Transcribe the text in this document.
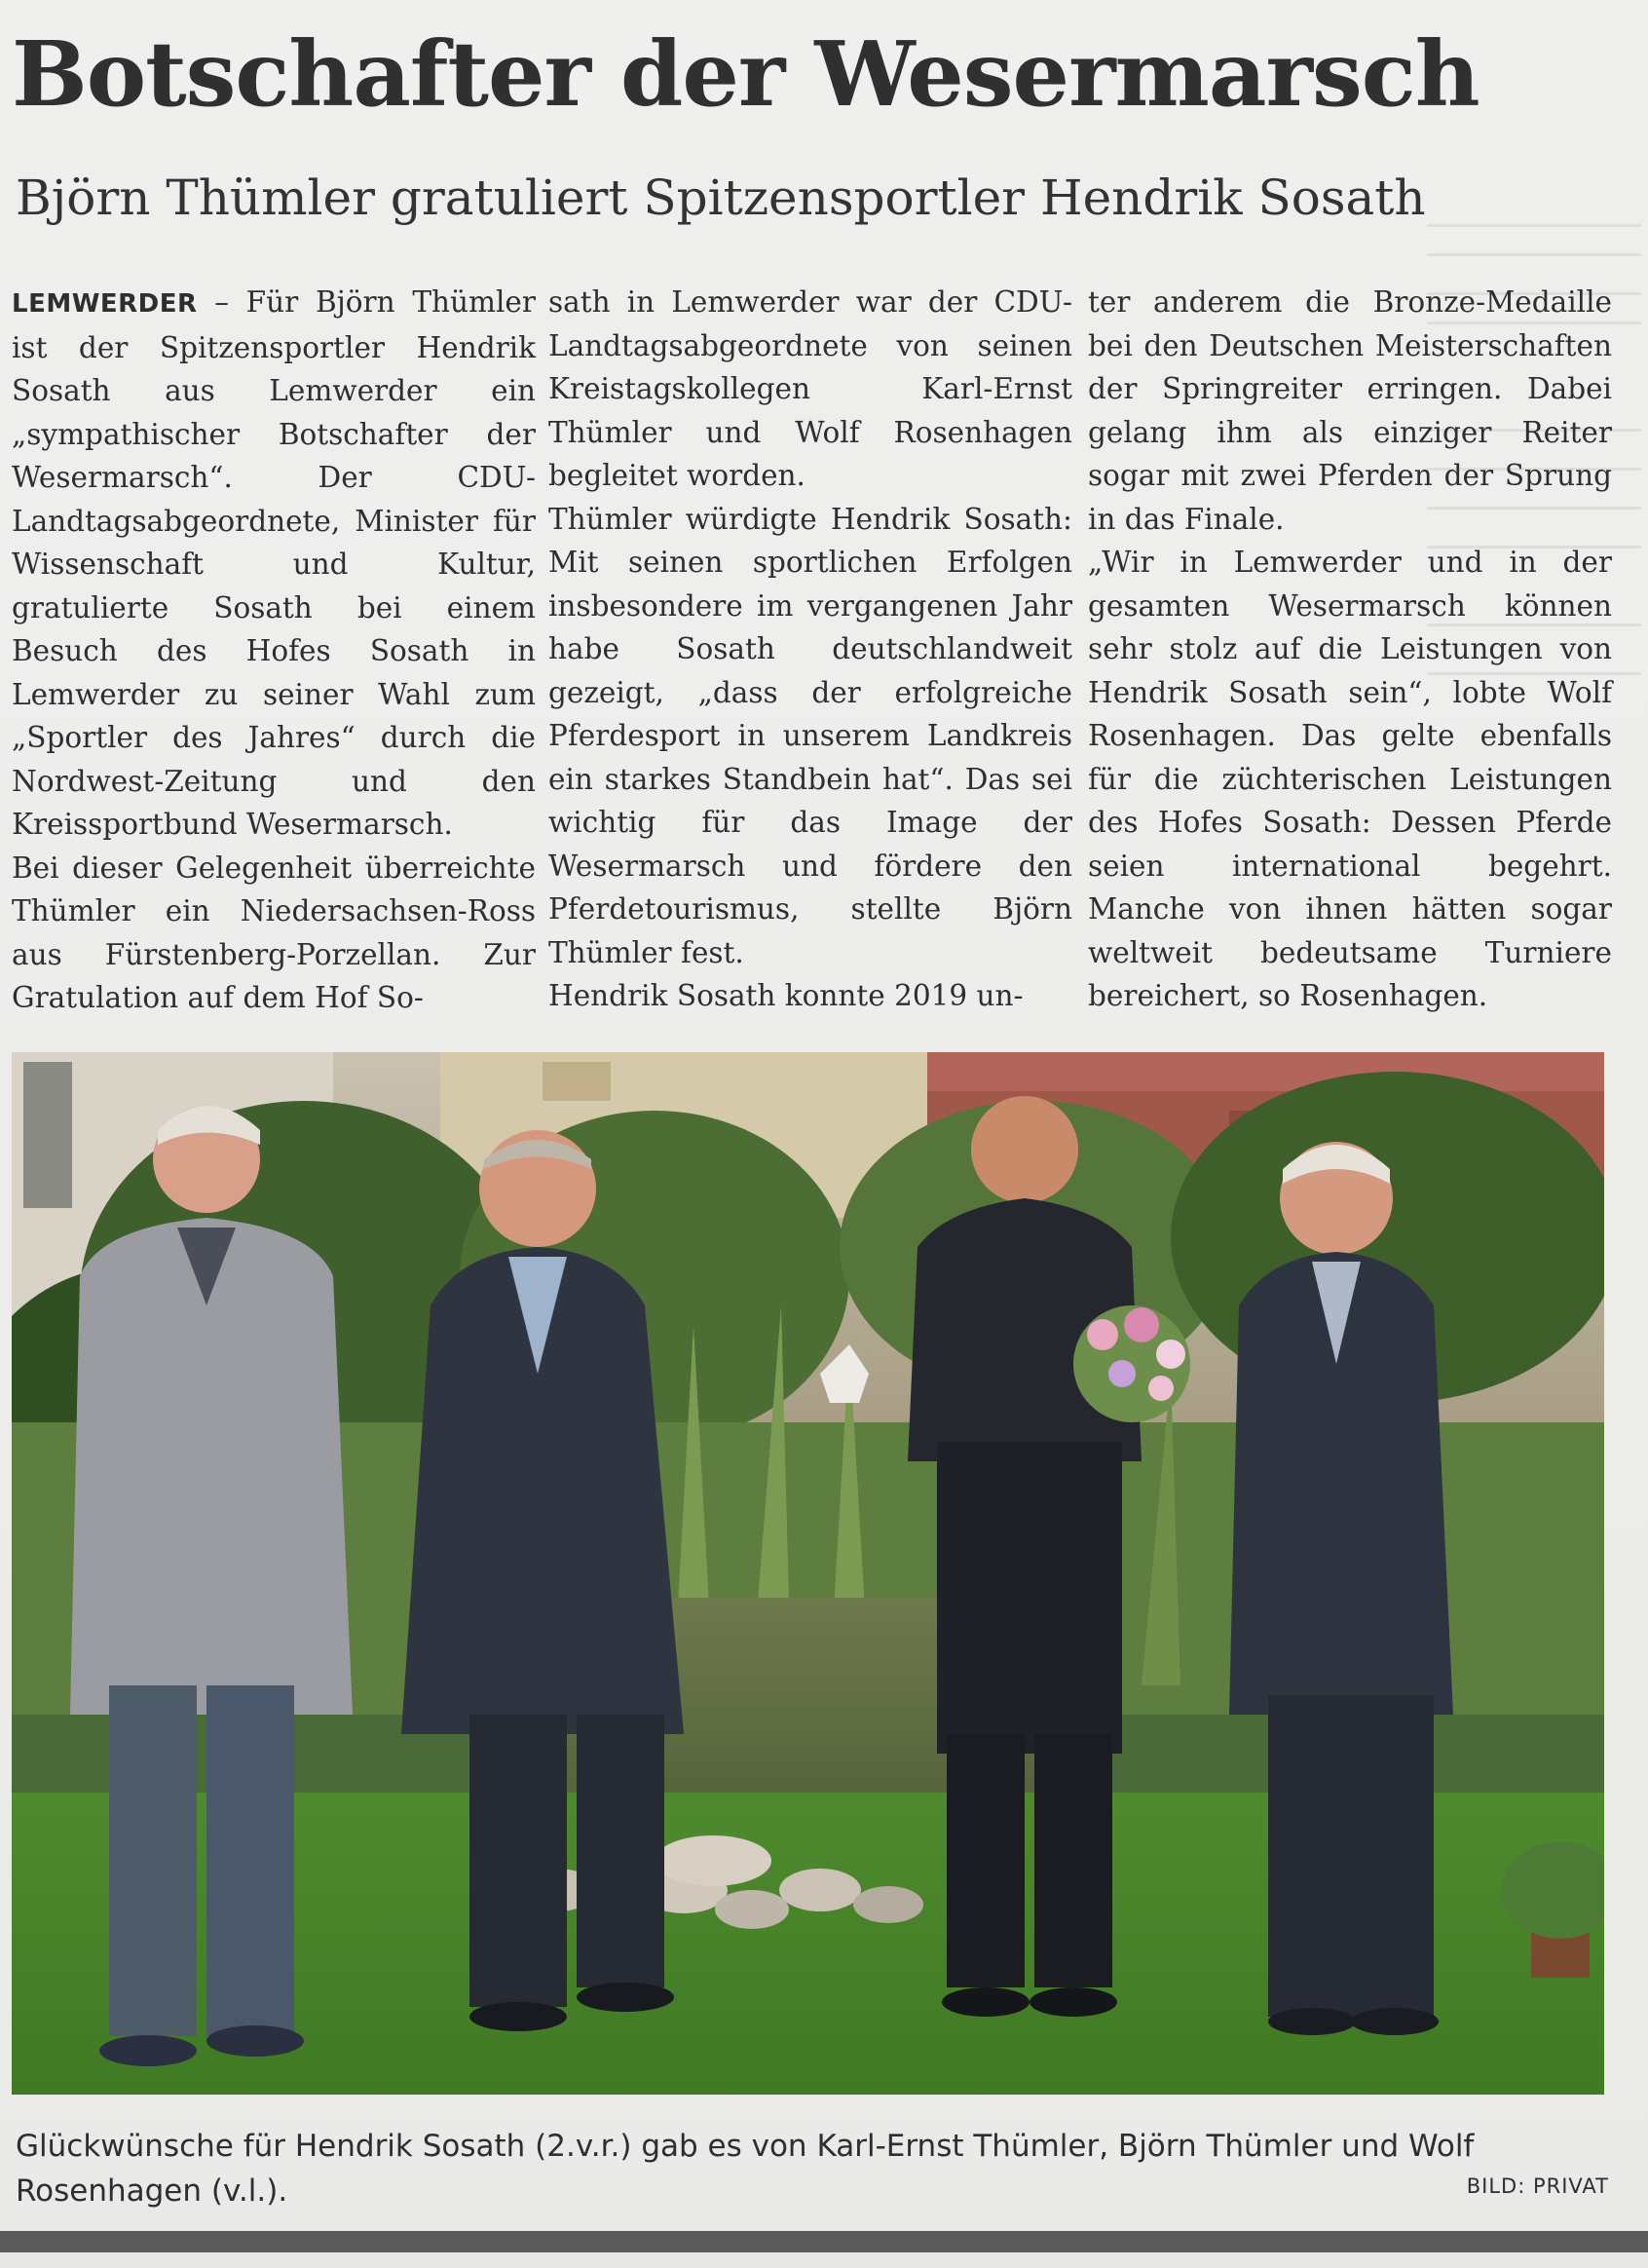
Botschafter der Wesermarsch
Björn Thümler gratuliert Spitzensportler Hendrik Sosath

LEMWERDER – Für Björn Thümler ist der Spitzensportler Hendrik Sosath aus Lemwerder ein „sympathischer Botschafter der Wesermarsch“. Der CDU-Landtagsabgeordnete, Minister für Wissenschaft und Kultur, gratulierte Sosath bei einem Besuch des Hofes Sosath in Lemwerder zu seiner Wahl zum „Sportler des Jahres“ durch die Nordwest-Zeitung und den Kreissportbund Wesermarsch.

Bei dieser Gelegenheit überreichte Thümler ein Niedersachsen-Ross aus Fürstenberg-Porzellan. Zur Gratulation auf dem Hof So-

sath in Lemwerder war der CDU-Landtagsabgeordnete von seinen Kreistagskollegen Karl-Ernst Thümler und Wolf Rosenhagen begleitet worden.

Thümler würdigte Hendrik Sosath: Mit seinen sportlichen Erfolgen insbesondere im vergangenen Jahr habe Sosath deutschlandweit gezeigt, „dass der erfolgreiche Pferdesport in unserem Landkreis ein starkes Standbein hat“. Das sei wichtig für das Image der Wesermarsch und fördere den Pferdetourismus, stellte Björn Thümler fest.

Hendrik Sosath konnte 2019 un-

ter anderem die Bronze-Medaille bei den Deutschen Meisterschaften der Springreiter erringen. Dabei gelang ihm als einziger Reiter sogar mit zwei Pferden der Sprung in das Finale.

„Wir in Lemwerder und in der gesamten Wesermarsch können sehr stolz auf die Leistungen von Hendrik Sosath sein“, lobte Wolf Rosenhagen. Das gelte ebenfalls für die züchterischen Leistungen des Hofes Sosath: Dessen Pferde seien international begehrt. Manche von ihnen hätten sogar weltweit bedeutsame Turniere bereichert, so Rosenhagen.

Glückwünsche für Hendrik Sosath (2.v.r.) gab es von Karl-Ernst Thümler, Björn Thümler und Wolf Rosenhagen (v.l.).	BILD: PRIVAT
